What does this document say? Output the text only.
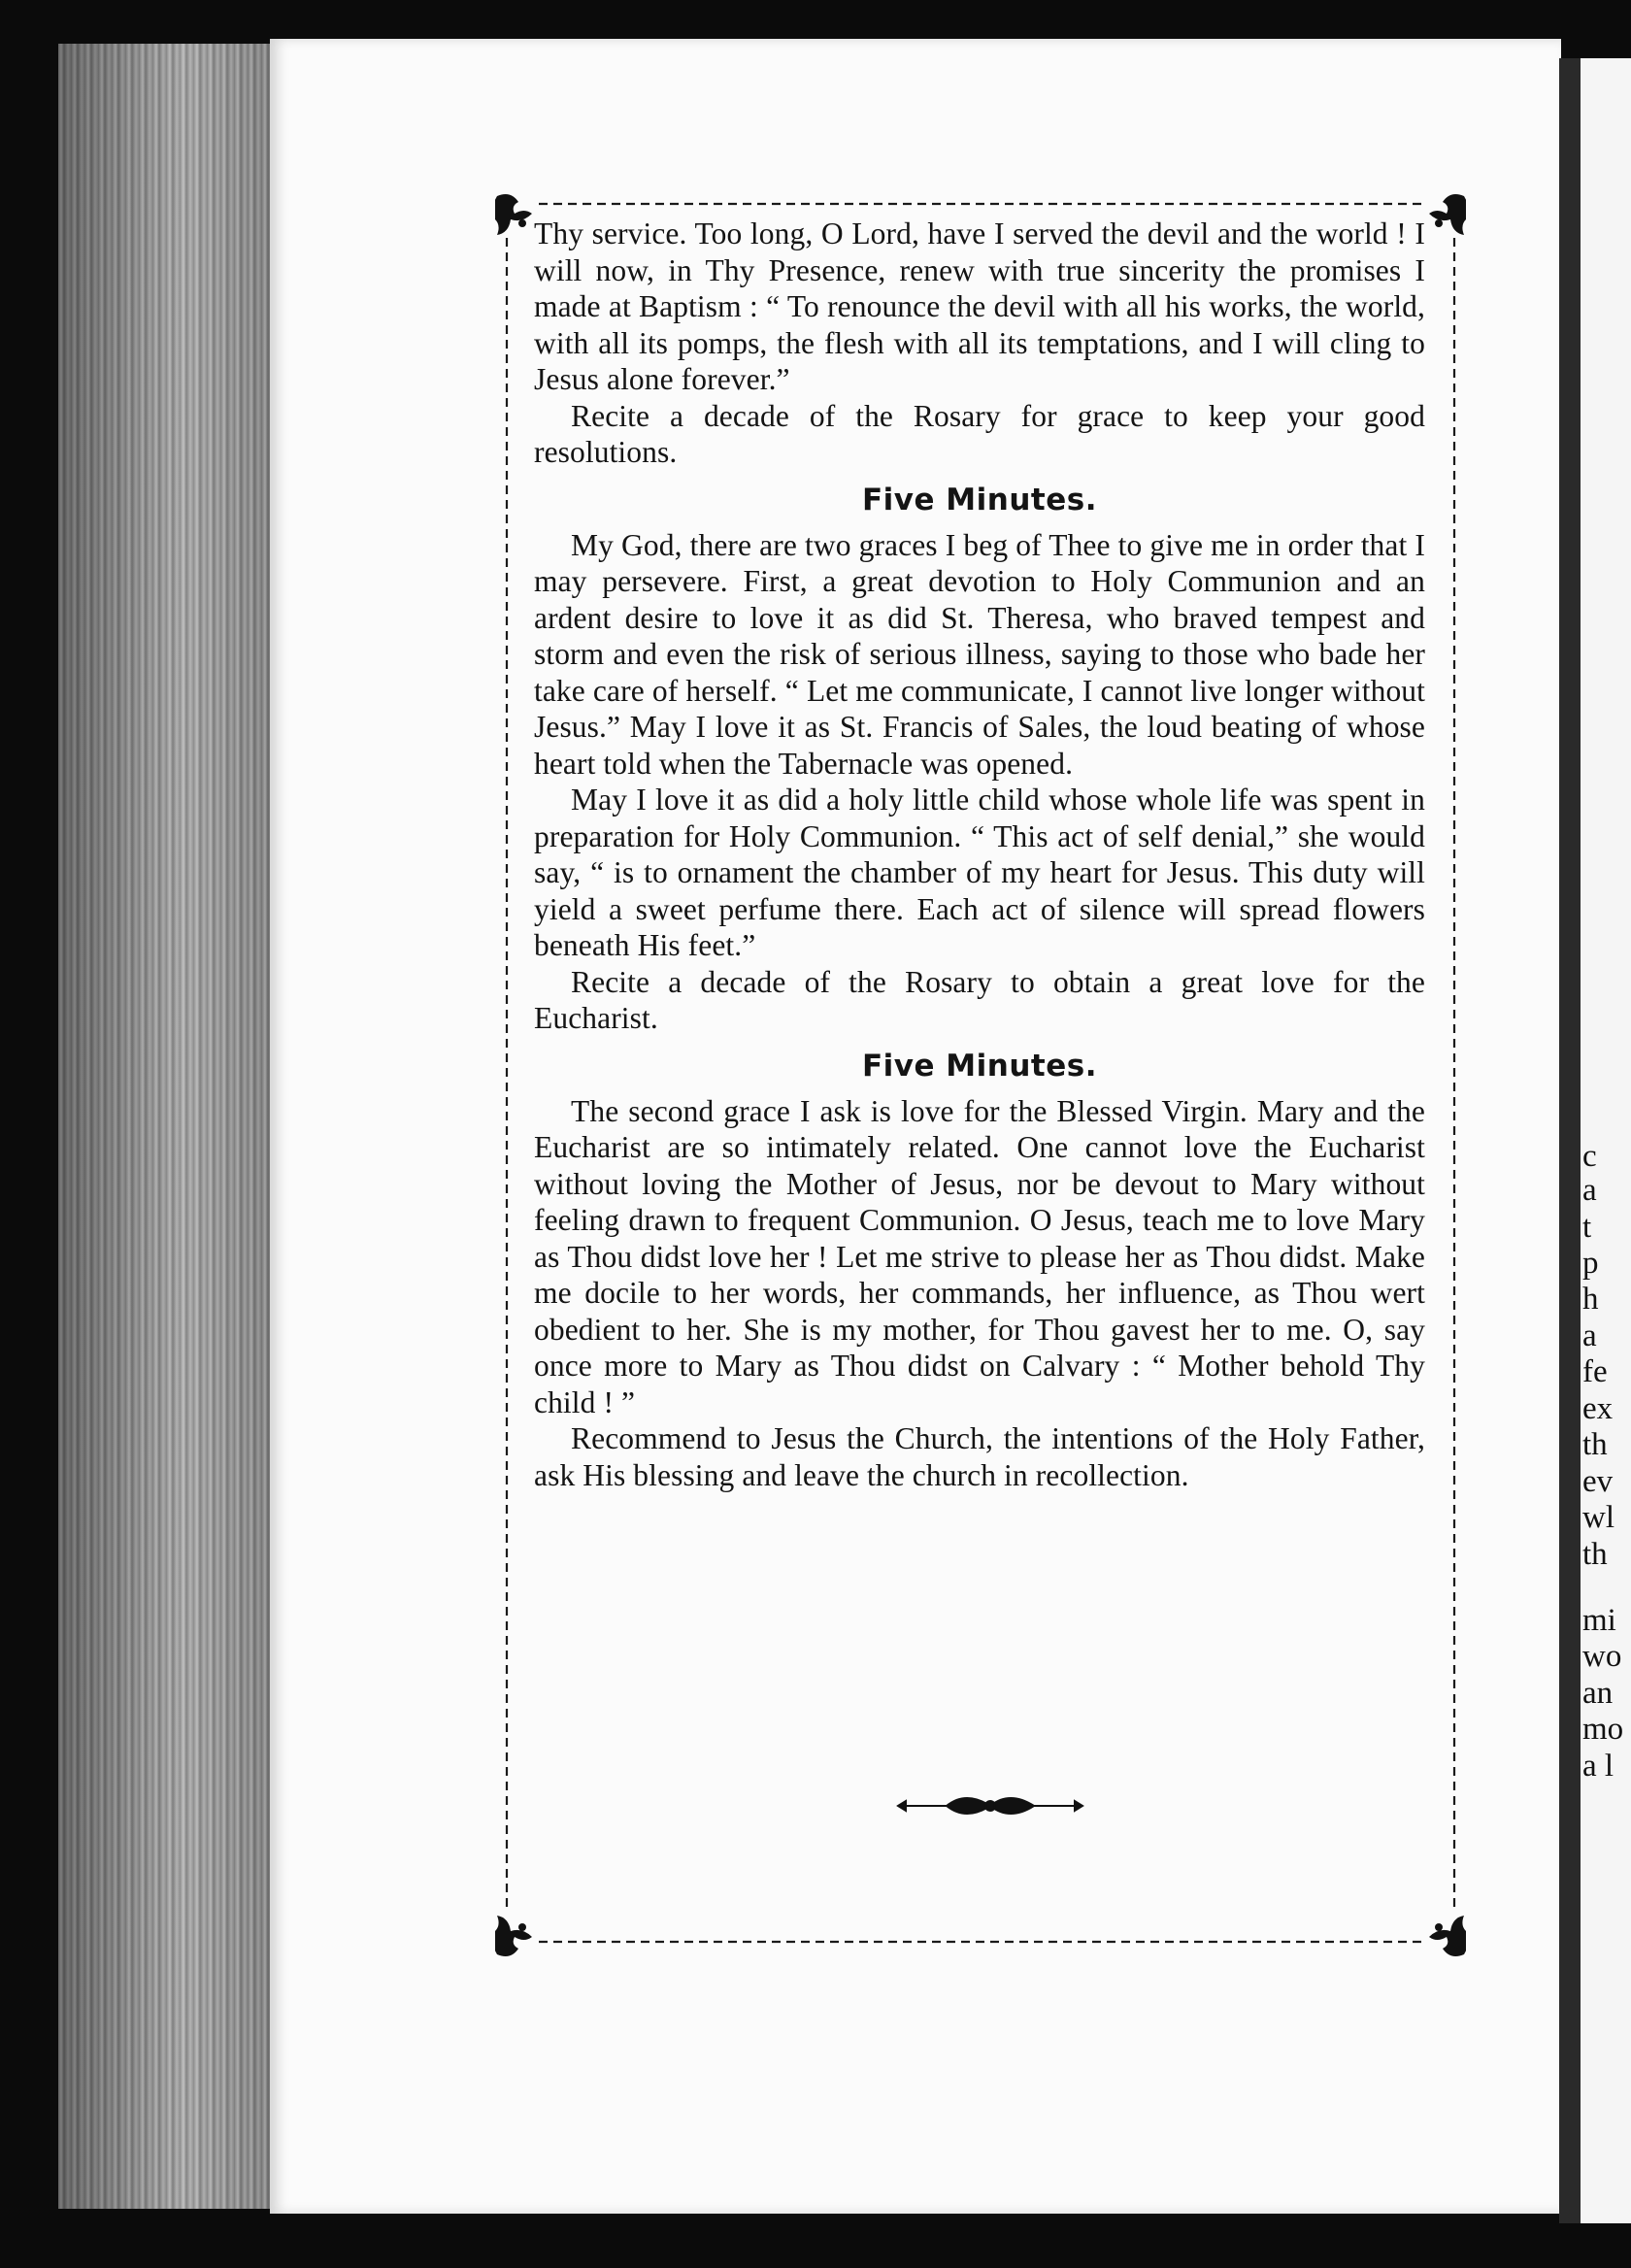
c
a
t
p
h
a
fe
ex
th
ev
wl
th
mi
wo
an
mo
a l

Thy service. Too long, O Lord, have I served the devil and the world ! I will now, in Thy Presence, renew with true sincerity the promises I made at Baptism : “ To renounce the devil with all his works, the world, with all its pomps, the flesh with all its temptations, and I will cling to Jesus alone forever.”

Recite a decade of the Rosary for grace to keep your good resolutions.

Five Minutes.

My God, there are two graces I beg of Thee to give me in order that I may persevere. First, a great devotion to Holy Communion and an ardent desire to love it as did St. Theresa, who braved tempest and storm and even the risk of serious illness, saying to those who bade her take care of herself. “ Let me communicate, I cannot live longer without Jesus.” May I love it as St. Francis of Sales, the loud beating of whose heart told when the Tabernacle was opened.

May I love it as did a holy little child whose whole life was spent in preparation for Holy Communion. “ This act of self denial,” she would say, “ is to ornament the chamber of my heart for Jesus. This duty will yield a sweet perfume there. Each act of silence will spread flowers beneath His feet.”

Recite a decade of the Rosary to obtain a great love for the Eucharist.

Five Minutes.

The second grace I ask is love for the Blessed Virgin. Mary and the Eucharist are so intimately related. One cannot love the Eucharist without loving the Mother of Jesus, nor be devout to Mary without feeling drawn to frequent Communion. O Jesus, teach me to love Mary as Thou didst love her ! Let me strive to please her as Thou didst. Make me docile to her words, her commands, her influence, as Thou wert obedient to her. She is my mother, for Thou gavest her to me. O, say once more to Mary as Thou didst on Calvary : “ Mother behold Thy child ! ”

Recommend to Jesus the Church, the intentions of the Holy Father, ask His blessing and leave the church in recollection.
